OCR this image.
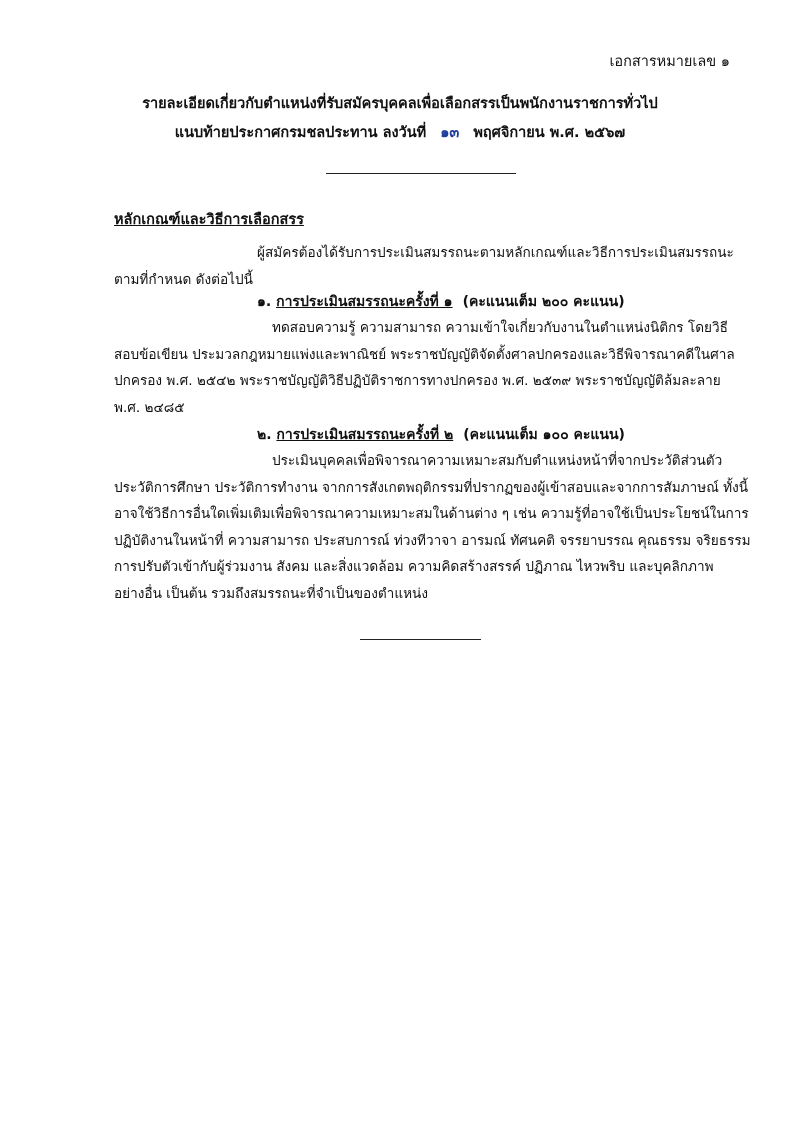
เอกสารหมายเลข ๑
รายละเอียดเกี่ยวกับตำแหน่งที่รับสมัครบุคคลเพื่อเลือกสรรเป็นพนักงานราชการทั่วไป
แนบท้ายประกาศกรมชลประทาน ลงวันที่ ๑๓ พฤศจิกายน พ.ศ. ๒๕๖๗
หลักเกณฑ์และวิธีการเลือกสรร
ผู้สมัครต้องได้รับการประเมินสมรรถนะตามหลักเกณฑ์และวิธีการประเมินสมรรถนะ
ตามที่กำหนด ดังต่อไปนี้
๑. การประเมินสมรรถนะครั้งที่ ๑ (คะแนนเต็ม ๒๐๐ คะแนน)
ทดสอบความรู้ ความสามารถ ความเข้าใจเกี่ยวกับงานในตำแหน่งนิติกร โดยวิธี
สอบข้อเขียน ประมวลกฎหมายแพ่งและพาณิชย์ พระราชบัญญัติจัดตั้งศาลปกครองและวิธีพิจารณาคดีในศาล
ปกครอง พ.ศ. ๒๕๔๒ พระราชบัญญัติวิธีปฏิบัติราชการทางปกครอง พ.ศ. ๒๕๓๙ พระราชบัญญัติล้มละลาย
พ.ศ. ๒๔๘๕
๒. การประเมินสมรรถนะครั้งที่ ๒ (คะแนนเต็ม ๑๐๐ คะแนน)
ประเมินบุคคลเพื่อพิจารณาความเหมาะสมกับตำแหน่งหน้าที่จากประวัติส่วนตัว
ประวัติการศึกษา ประวัติการทำงาน จากการสังเกตพฤติกรรมที่ปรากฏของผู้เข้าสอบและจากการสัมภาษณ์ ทั้งนี้
อาจใช้วิธีการอื่นใดเพิ่มเติมเพื่อพิจารณาความเหมาะสมในด้านต่าง ๆ เช่น ความรู้ที่อาจใช้เป็นประโยชน์ในการ
ปฏิบัติงานในหน้าที่ ความสามารถ ประสบการณ์ ท่วงทีวาจา อารมณ์ ทัศนคติ จรรยาบรรณ คุณธรรม จริยธรรม
การปรับตัวเข้ากับผู้ร่วมงาน สังคม และสิ่งแวดล้อม ความคิดสร้างสรรค์ ปฏิภาณ ไหวพริบ และบุคลิกภาพ
อย่างอื่น เป็นต้น รวมถึงสมรรถนะที่จำเป็นของตำแหน่ง
